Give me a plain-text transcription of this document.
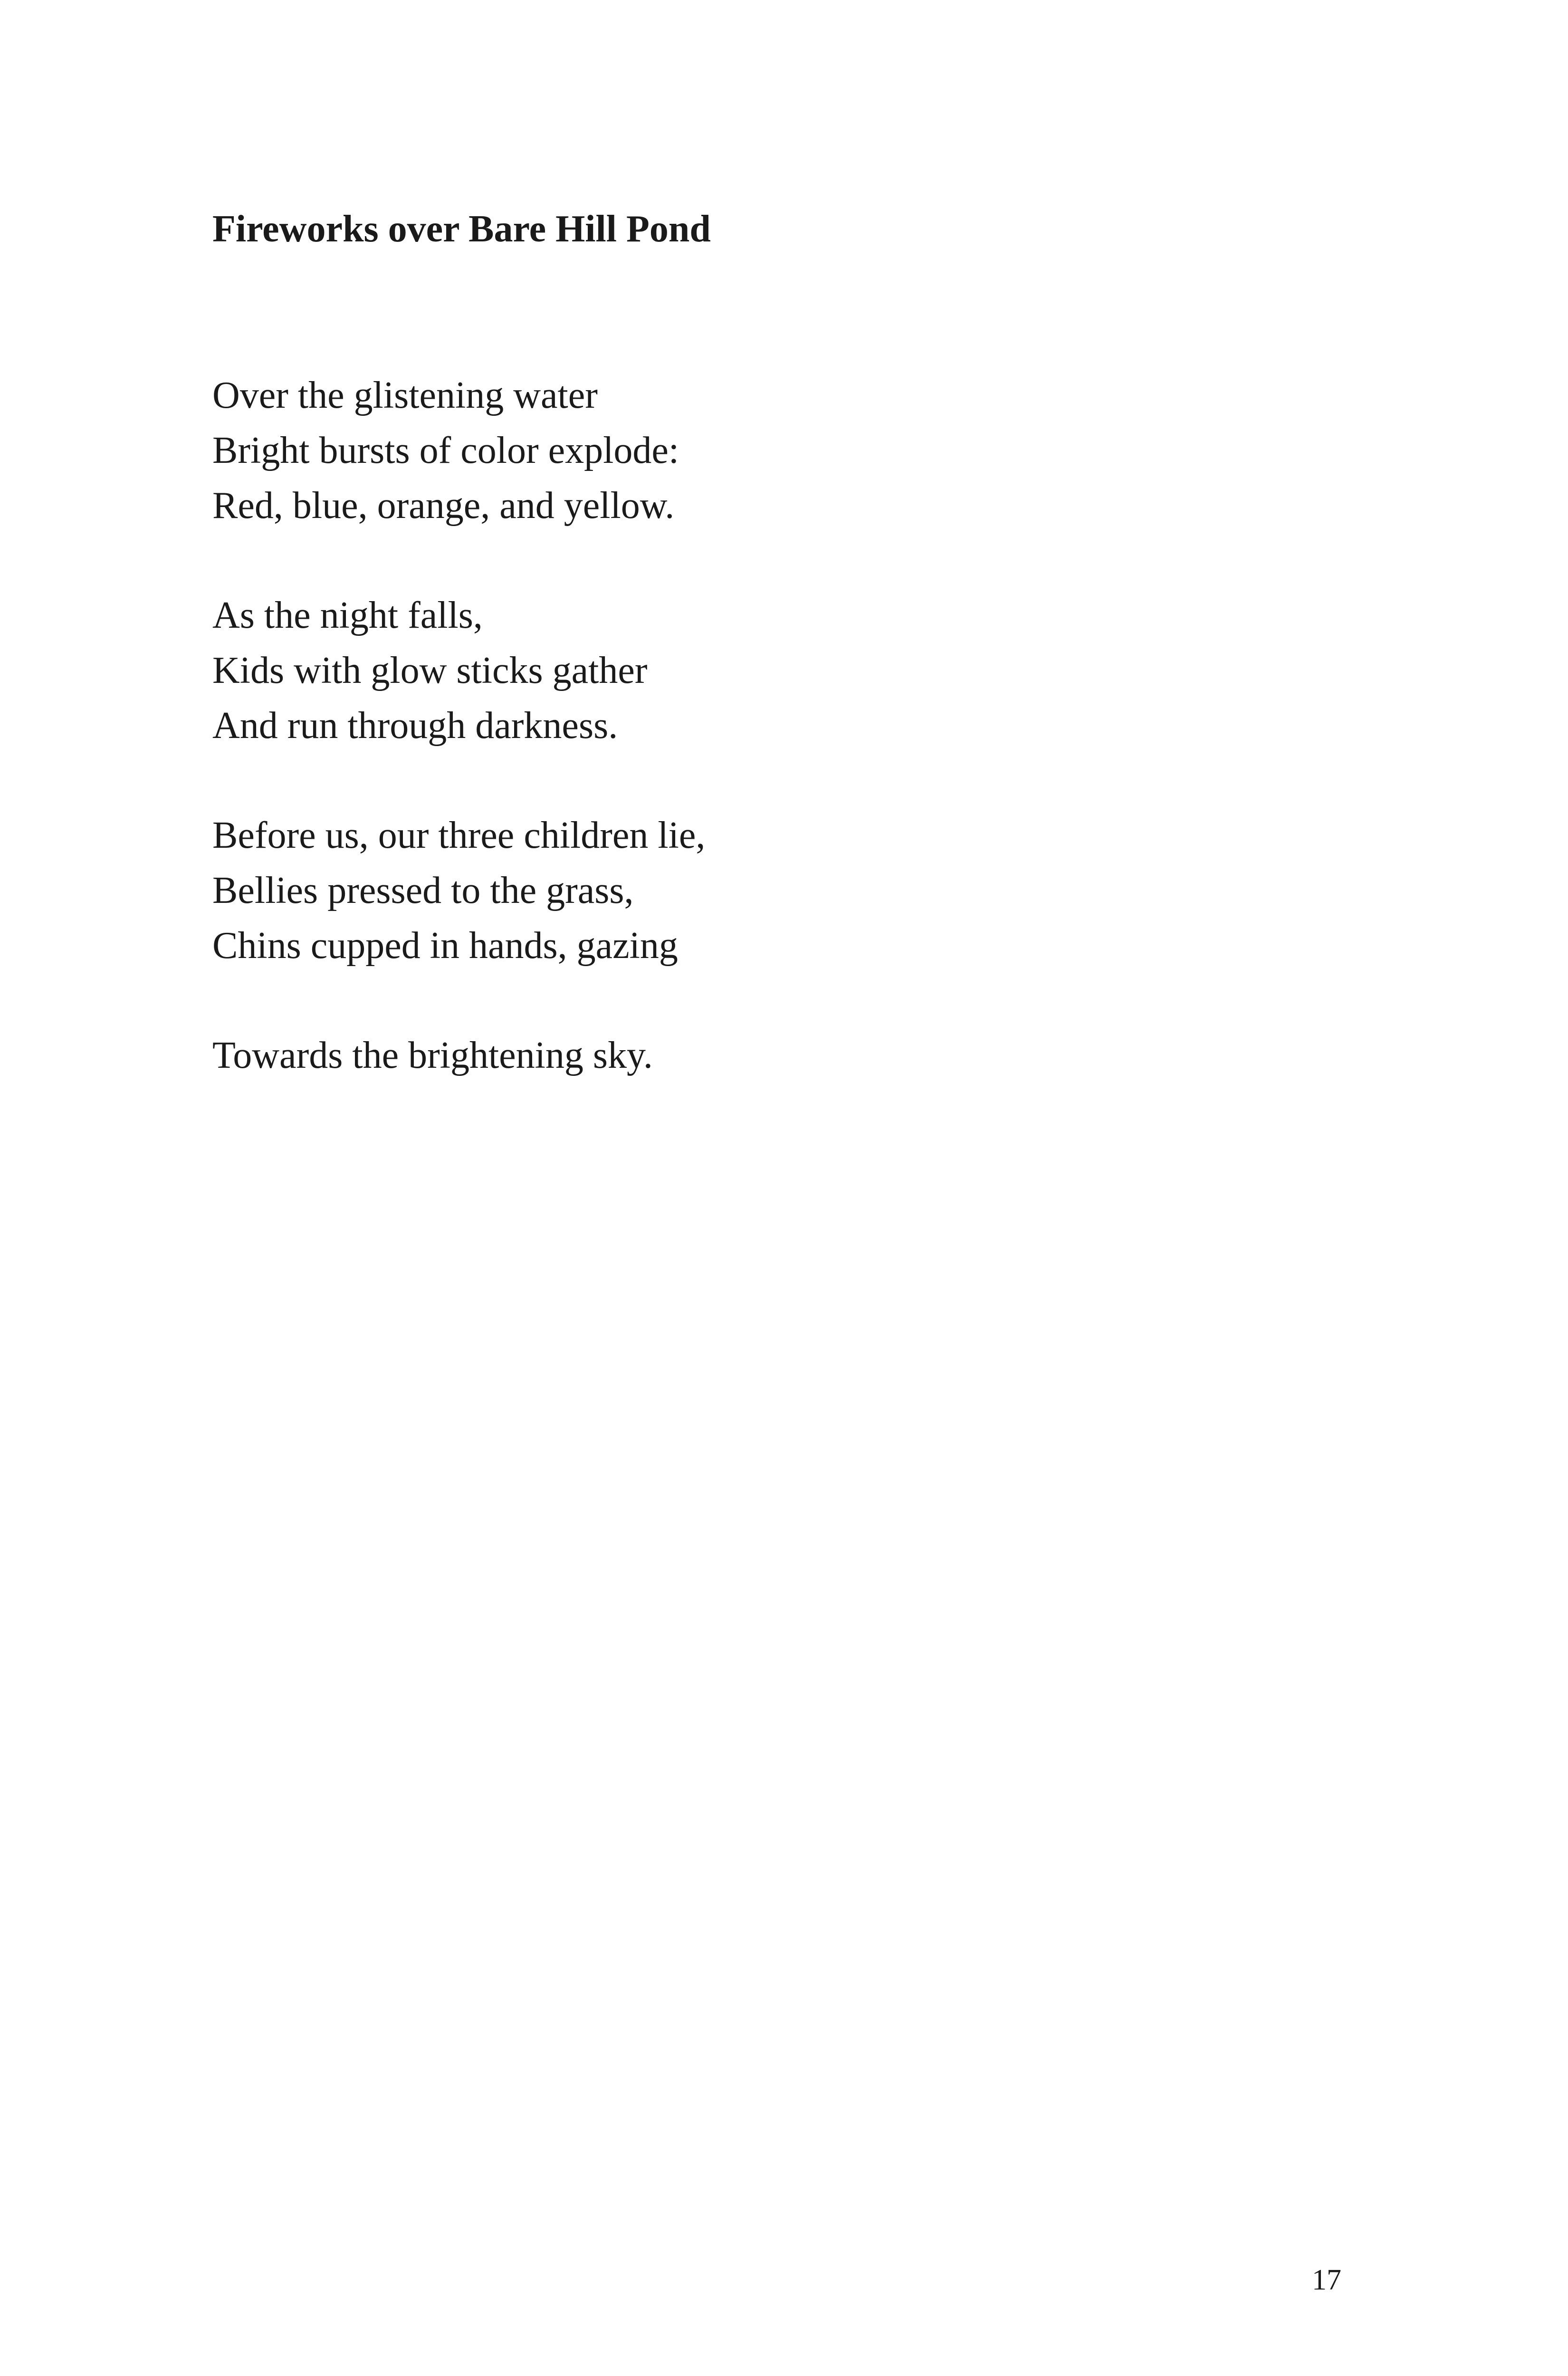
Fireworks over Bare Hill Pond
Over the glistening water
Bright bursts of color explode:
Red, blue, orange, and yellow.
As the night falls,
Kids with glow sticks gather
And run through darkness.
Before us, our three children lie,
Bellies pressed to the grass,
Chins cupped in hands, gazing
Towards the brightening sky.

17
